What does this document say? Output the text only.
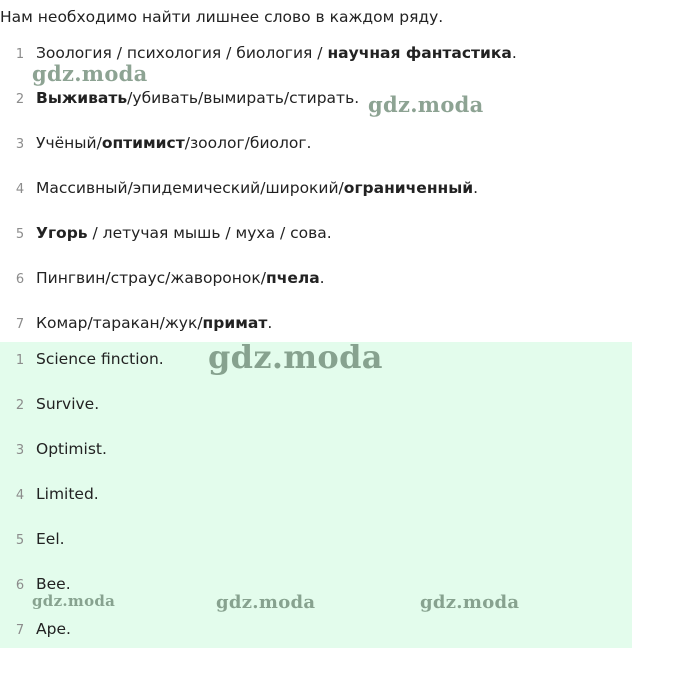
Нам необходимо найти лишнее слово в каждом ряду.

1 Зоология / психология / биология / научная фантастика.
2 Выживать/убивать/вымирать/стирать.
3 Учёный/оптимист/зоолог/биолог.
4 Массивный/эпидемический/широкий/ограниченный.
5 Угорь / летучая мышь / муха / сова.
6 Пингвин/страус/жаворонок/пчела.
7 Комар/таракан/жук/примат.
1 Science finction.
2 Survive.
3 Optimist.
4 Limited.
5 Eel.
6 Bee.
7 Ape.
gdz.moda
gdz.moda
gdz.moda
gdz.moda	gdz.moda	gdz.moda
